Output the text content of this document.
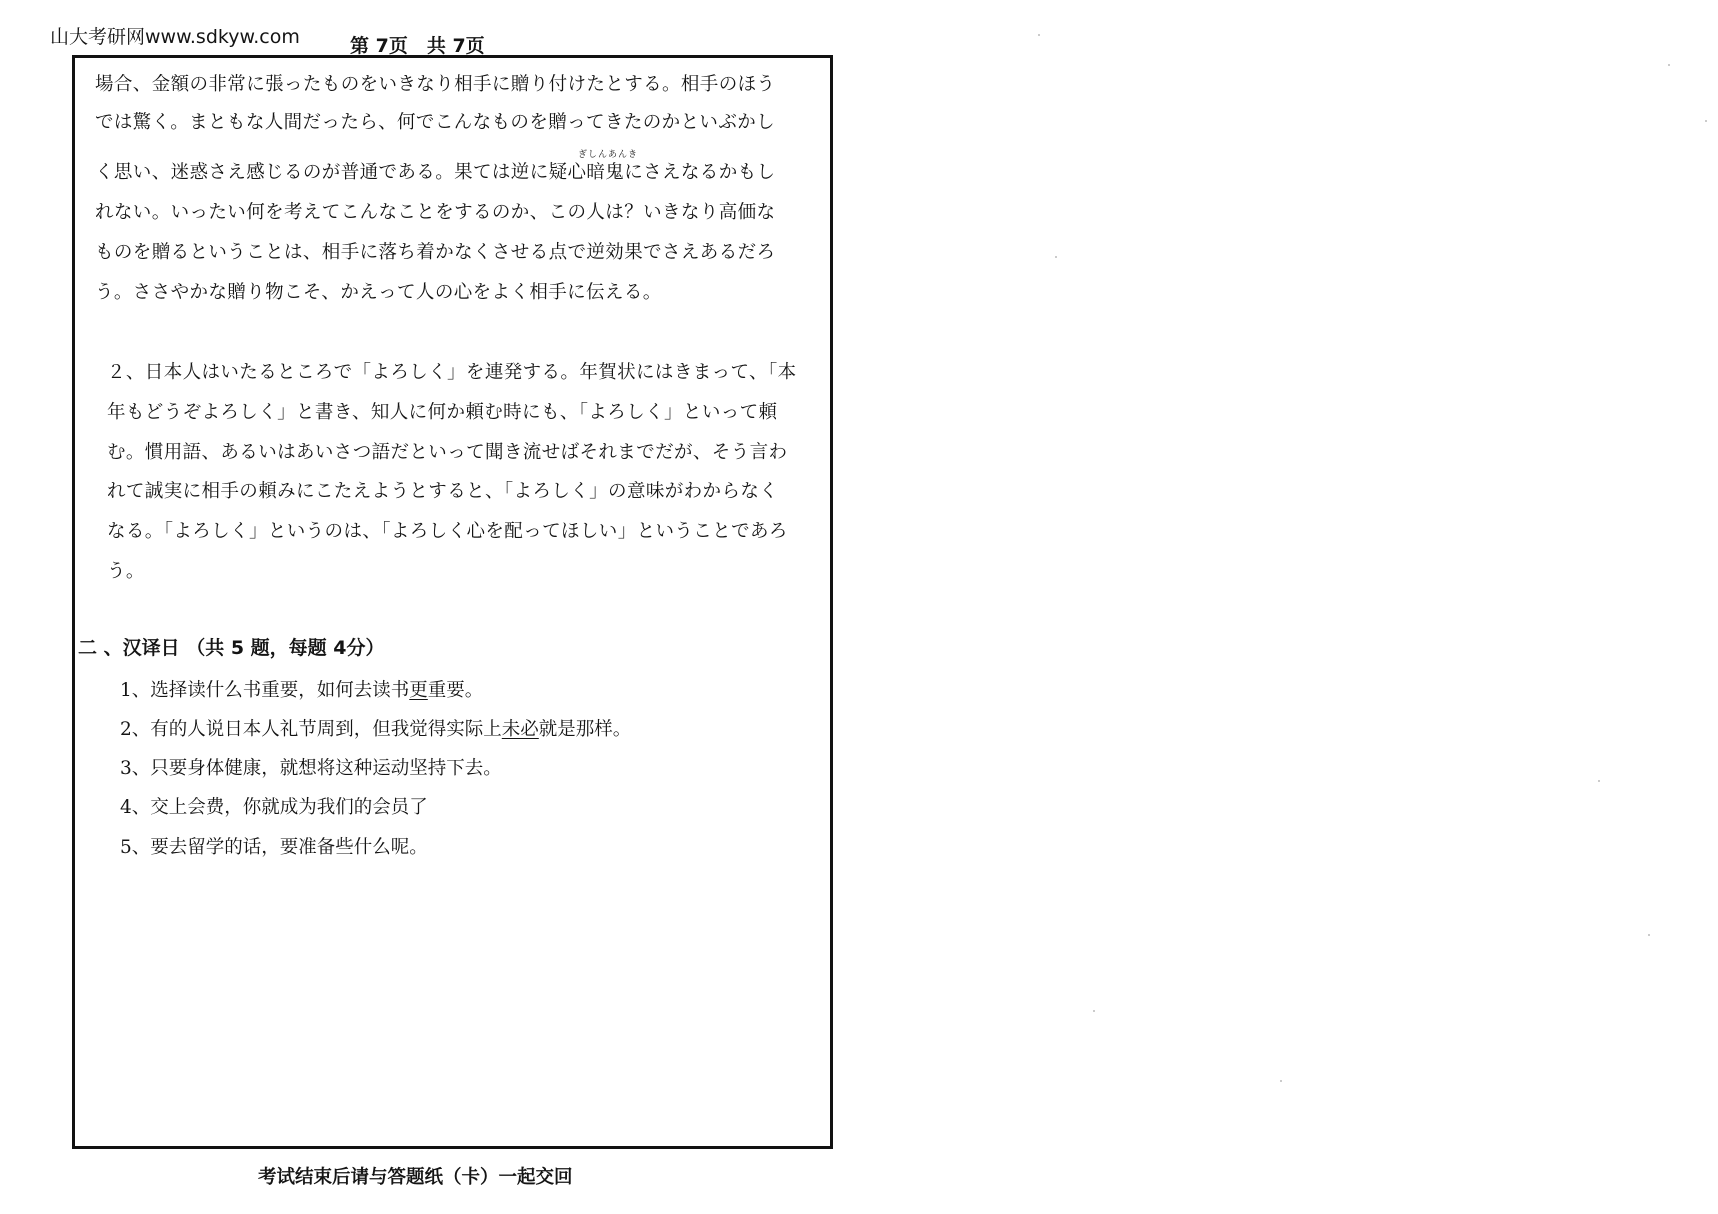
山大考研网www.sdkyw.com	第 7页　共 7页
場合、金額の非常に張ったものをいきなり相手に贈り付けたとする。相手のほう
では驚く。まともな人間だったら、何でこんなものを贈ってきたのかといぶかし
ぎしんあんき
く思い、迷惑さえ感じるのが普通である。果ては逆に疑心暗鬼にさえなるかもし
れない。いったい何を考えてこんなことをするのか、この人は？いきなり高価な
ものを贈るということは、相手に落ち着かなくさせる点で逆効果でさえあるだろ
う。ささやかな贈り物こそ、かえって人の心をよく相手に伝える。
２、日本人はいたるところで「よろしく」を連発する。年賀状にはきまって、「本
年もどうぞよろしく」と書き、知人に何か頼む時にも、「よろしく」といって頼
む。慣用語、あるいはあいさつ語だといって聞き流せばそれまでだが、そう言わ
れて誠実に相手の頼みにこたえようとすると、「よろしく」の意味がわからなく
なる。「よろしく」というのは、「よろしく心を配ってほしい」ということであろ
う。
二 、汉译日 （共 5 题，每题 4分）
1、选择读什么书重要，如何去读书更重要。
2、有的人说日本人礼节周到，但我觉得实际上未必就是那样。
3、只要身体健康，就想将这种运动坚持下去。
4、交上会费，你就成为我们的会员了
5、要去留学的话，要准备些什么呢。
考试结束后请与答题纸（卡）一起交回
